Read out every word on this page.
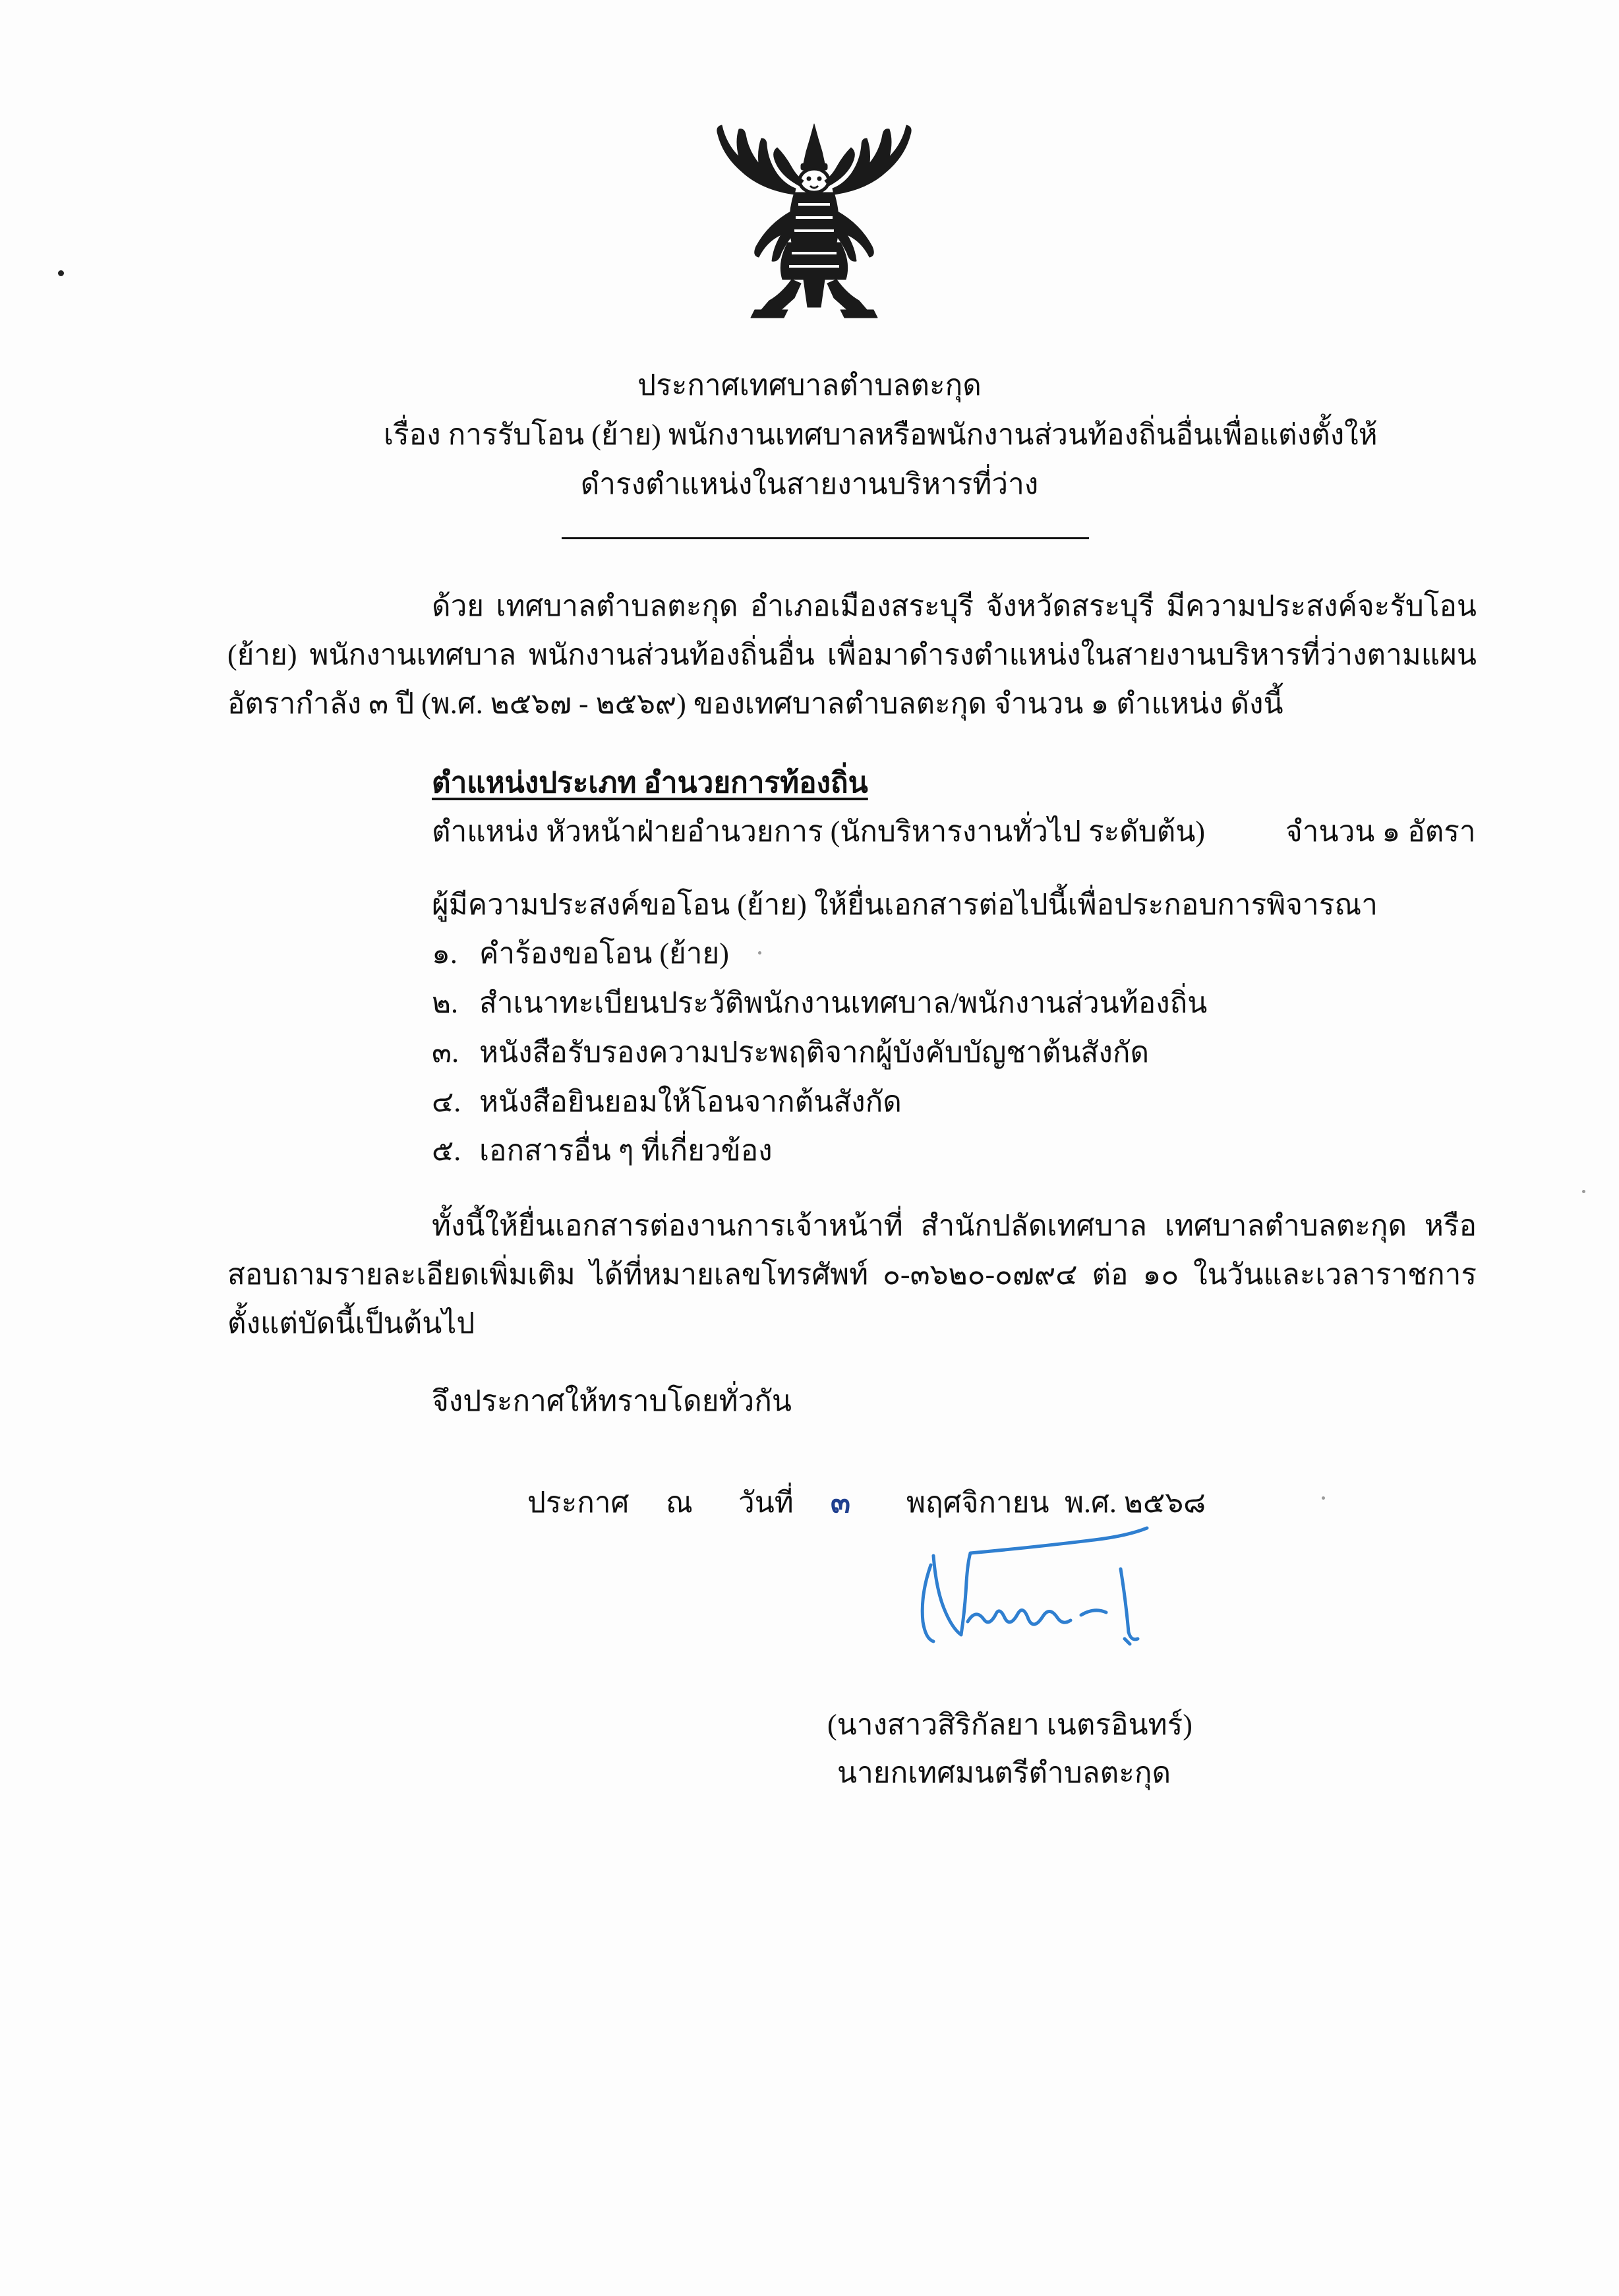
ประกาศเทศบาลตำบลตะกุด
เรื่อง การรับโอน (ย้าย) พนักงานเทศบาลหรือพนักงานส่วนท้องถิ่นอื่นเพื่อแต่งตั้งให้
ดำรงตำแหน่งในสายงานบริหารที่ว่าง
ด้วย เทศบาลตำบลตะกุด อำเภอเมืองสระบุรี จังหวัดสระบุรี มีความประสงค์จะรับโอน (ย้าย) พนักงานเทศบาล พนักงานส่วนท้องถิ่นอื่น เพื่อมาดำรงตำแหน่งในสายงานบริหารที่ว่างตามแผนอัตรากำลัง ๓ ปี (พ.ศ. ๒๕๖๗ - ๒๕๖๙) ของเทศบาลตำบลตะกุด จำนวน ๑ ตำแหน่ง ดังนี้
ตำแหน่งประเภท อำนวยการท้องถิ่น
ตำแหน่ง หัวหน้าฝ่ายอำนวยการ (นักบริหารงานทั่วไป ระดับต้น)	จำนวน ๑ อัตรา
ผู้มีความประสงค์ขอโอน (ย้าย) ให้ยื่นเอกสารต่อไปนี้เพื่อประกอบการพิจารณา
๑. คำร้องขอโอน (ย้าย)
๒. สำเนาทะเบียนประวัติพนักงานเทศบาล/พนักงานส่วนท้องถิ่น
๓. หนังสือรับรองความประพฤติจากผู้บังคับบัญชาต้นสังกัด
๔. หนังสือยินยอมให้โอนจากต้นสังกัด
๕. เอกสารอื่น ๆ ที่เกี่ยวข้อง
ทั้งนี้ให้ยื่นเอกสารต่องานการเจ้าหน้าที่ สำนักปลัดเทศบาล เทศบาลตำบลตะกุด หรือสอบถามรายละเอียดเพิ่มเติม ได้ที่หมายเลขโทรศัพท์ ๐-๓๖๒๐-๐๗๙๔ ต่อ ๑๐ ในวันและเวลาราชการ ตั้งแต่บัดนี้เป็นต้นไป
จึงประกาศให้ทราบโดยทั่วกัน
ประกาศ ณ วันที่ ๓ พฤศจิกายน พ.ศ. ๒๕๖๘
(นางสาวสิริกัลยา เนตรอินทร์)
นายกเทศมนตรีตำบลตะกุด
